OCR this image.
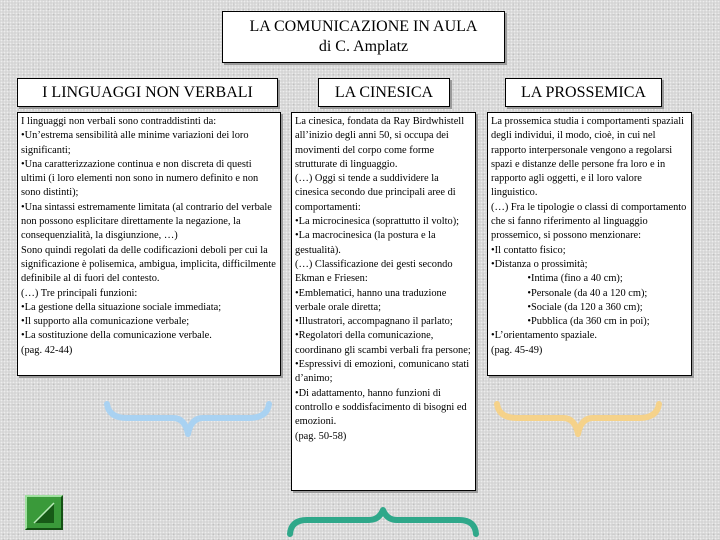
LA COMUNICAZIONE IN AULA
di C. Amplatz
I LINGUAGGI NON VERBALI	LA CINESICA	LA PROSSEMICA
I linguaggi non verbali sono contraddistinti da:
•Un’estrema sensibilità alle minime variazioni dei loro significanti;
•Una caratterizzazione continua e non discreta di questi ultimi (i loro elementi non sono in numero definito e non sono distinti);
•Una sintassi estremamente limitata (al contrario del verbale non possono esplicitare direttamente la negazione, la consequenzialità, la disgiunzione, …)
Sono quindi regolati da delle codificazioni deboli per cui la significazione è polisemica, ambigua, implicita, difficilmente definibile al di fuori del contesto.
(…) Tre principali funzioni:
•La gestione della situazione sociale immediata;
•Il supporto alla comunicazione verbale;
•La sostituzione della comunicazione verbale.
(pag. 42-44)
La cinesica, fondata da Ray Birdwhistell all’inizio degli anni 50, si occupa dei movimenti del corpo come forme strutturate di linguaggio.
(…) Oggi si tende a suddividere la cinesica secondo due principali aree di comportamenti:
•La microcinesica (soprattutto il volto);
•La macrocinesica (la postura e la gestualità).
(…) Classificazione dei gesti secondo Ekman e Friesen:
•Emblematici, hanno una traduzione verbale orale diretta;
•Illustratori, accompagnano il parlato;
•Regolatori della comunicazione, coordinano gli scambi verbali fra persone;
•Espressivi di emozioni, comunicano stati d’animo;
•Di adattamento, hanno funzioni di controllo e soddisfacimento di bisogni ed emozioni.
(pag. 50-58)
La prossemica studia i comportamenti spaziali degli individui, il modo, cioè, in cui nel rapporto interpersonale vengono a regolarsi spazi e distanze delle persone fra loro e in rapporto agli oggetti, e il loro valore linguistico.
(…) Fra le tipologie o classi di comportamento che si fanno riferimento al linguaggio prossemico, si possono menzionare:
•Il contatto fisico;
•Distanza o prossimità;
•Intima (fino a 40 cm);
•Personale (da 40 a 120 cm);
•Sociale (da 120 a 360 cm);
•Pubblica (da 360 cm in poi);
•L’orientamento spaziale.
(pag. 45-49)
